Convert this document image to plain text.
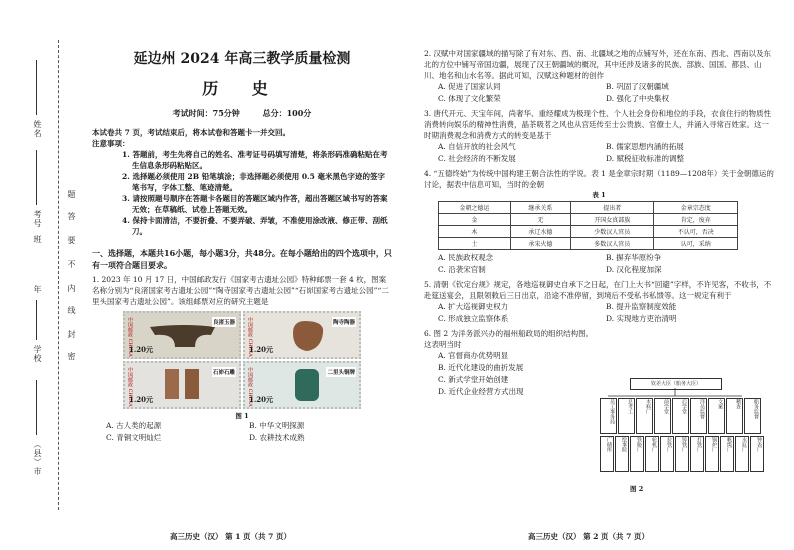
姓名
考号
班
年
学校
（县）市
题
答
要
不
内
线
封
密
延边州 2024 年高三教学质量检测
历 史
考试时间：75分钟	总分：100分
本试卷共 7 页，考试结束后，将本试卷和答题卡一并交回。
注意事项：
1. 答题前，考生先将自己的姓名、准考证号码填写清楚，将条形码准确粘贴在考生信息条形码粘贴区。
2. 选择题必须使用 2B 铅笔填涂；非选择题必须使用 0.5 毫米黑色字迹的签字笔书写，字体工整、笔迹清楚。
3. 请按照题号顺序在答题卡各题目的答题区域内作答，超出答题区域书写的答案无效；在草稿纸、试卷上答题无效。
4. 保持卡面清洁，不要折叠、不要弄破、弄皱，不准使用涂改液、修正带、刮纸刀。
一、选择题，本题共16小题，每小题3分，共48分。在每小题给出的四个选项中，只有一项符合题目要求。
1. 2023 年 10 月 17 日，中国邮政发行《国家考古遗址公园》特种邮票一套 4 枚，图案名称分别为“良渚国家考古遗址公园”“陶寺国家考古遗址公园”“石峁国家考古遗址公园”“二里头国家考古遗址公园”。该组邮票对应的研究主题是
中国邮政 CHINA	良渚玉器
1.20元	中国邮政 CHINA	陶寺陶器
1.20元
中国邮政 CHINA	石峁石雕
1.20元	中国邮政 CHINA	二里头铜牌
1.20元
图 1
A. 古人类的起源	B. 中华文明探源
C. 青铜文明灿烂	D. 农耕技术成熟
高三历史（汉） 第 1 页（共 7 页）
2. 汉赋中对国家疆域的描写除了有对东、西、南、北疆域之地的点铺写外，还在东南、西北、西南以及东北的方位中铺写帝国边疆，展现了汉王朝疆域的概况，其中还涉及诸多的民族、部族、国国、都县、山川、地名和山水名等。据此可知，汉赋这种题材的创作
A. 促进了国家认同	B. 巩固了汉朝疆域
C. 体现了文化繁荣	D. 强化了中央集权
3. 唐代开元、天宝年间，尚奢华、重经耀成为极现个性、个人社会身份和地位的手段，衣食住行的物质性消费转向娱乐的精神性消费，晶茶吸茗之风也从宫廷传至士公贵族、官僚士人，并涌入寻常百姓家。这一时期消费观念和消费方式的转变是基于
A. 自信开放的社会风气	B. 儒家思想内涵的拓展
C. 社会经济的不断发展	D. 赋税征收标准的调整
4. “五德终始”为传统中国构建王朝合法性的学说。表 1 是金章宗时期（1189—1208年）关于金朝德运的讨论，据表中信息可知，当时的金朝
表 1
金朝之德运	继承关系	提出者	金章宗态度
金	无	开国女真部族	肯定，废弃
木	承辽水德	少数汉人官员	不认可，否决
土	承宋火德	多数汉人官员	认可，采纳
A. 民族政权观念	B. 摒弃华原纷争
C. 沿袭宋官制	D. 汉化程度加深
5. 清朝《钦定台规》规定，各地巡视御史自承下之日起，在门上大书“回避”字样，不许见客，不收书，不赴筵送宴会，且限领敕后三日出京，沿途不准停留，到境后不受私书私馈等。这一规定有利于
A. 扩大巡视御史权力	B. 提升监察制度效能
C. 形成独立监察体系	D. 实现地方吏治清明
6. 图 2 为洋务派兴办的福州船政局的组织结构图。这表明当时
A. 官督商办优势明显
B. 近代化建设的曲折发展
C. 新式学堂开始创建
D. 近代企业经营方式出现
钦差大臣（船务大臣）
员工事务局	总考工	木料厂	前学堂	后学堂	洋员监督	文案	稽查	船务监督
广储所	绘事院	铁胁厂	轮机厂	拉铁厂	铸铁厂	打铁厂	锅炉厂	帆缆厂	水缸厂	钟表厂
图 2
高三历史（汉） 第 2 页（共 7 页）
